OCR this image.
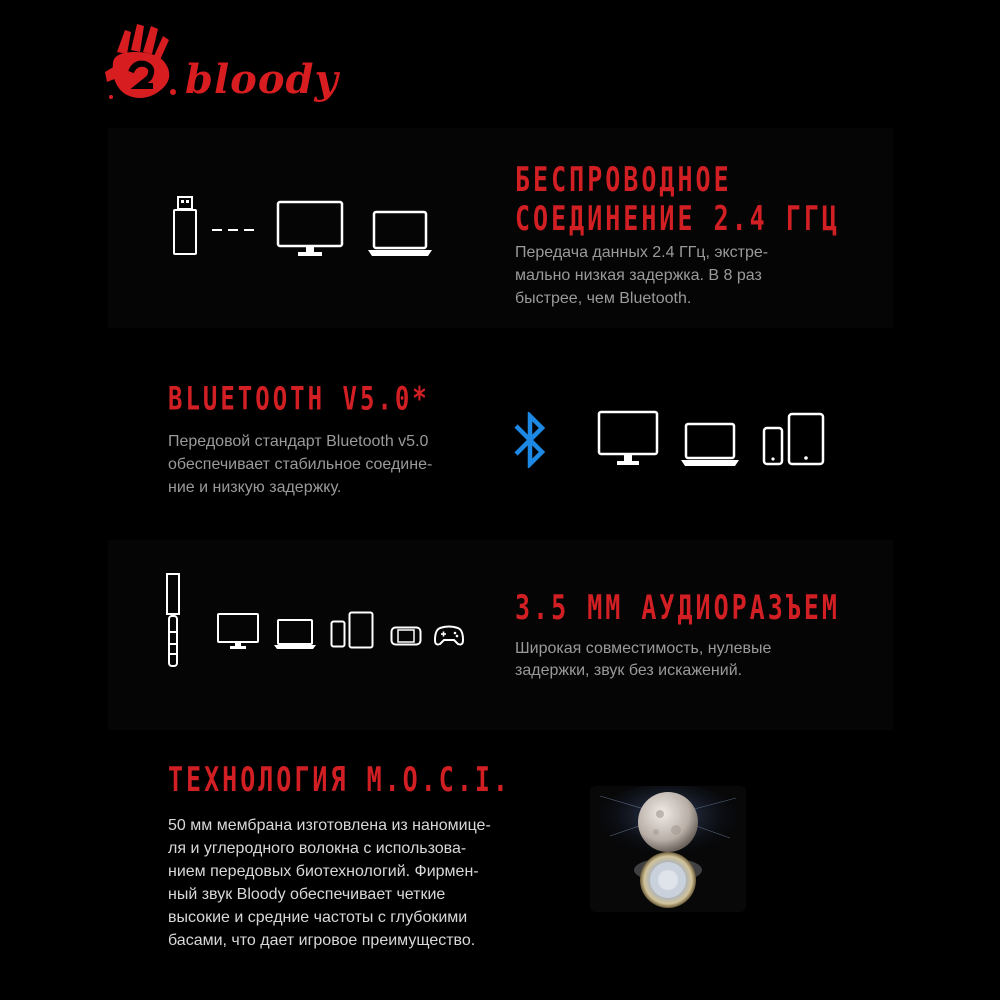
bloody
БЕСПРОВОДНОЕ
СОЕДИНЕНИЕ 2.4 ГГЦ
Передача данных 2.4 ГГц, экстре-
мально низкая задержка. В 8 раз
быстрее, чем Bluetooth.
BLUETOOTH V5.0*
Передовой стандарт Bluetooth v5.0
обеспечивает стабильное соедине-
ние и низкую задержку.
3.5 ММ АУДИОРАЗЪЕМ
Широкая совместимость, нулевые
задержки, звук без искажений.
ТЕХНОЛОГИЯ M.O.C.I.
50 мм мембрана изготовлена из наномице-
ля и углеродного волокна с использова-
нием передовых биотехнологий. Фирмен-
ный звук Bloody обеспечивает четкие
высокие и средние частоты с глубокими
басами, что дает игровое преимущество.
